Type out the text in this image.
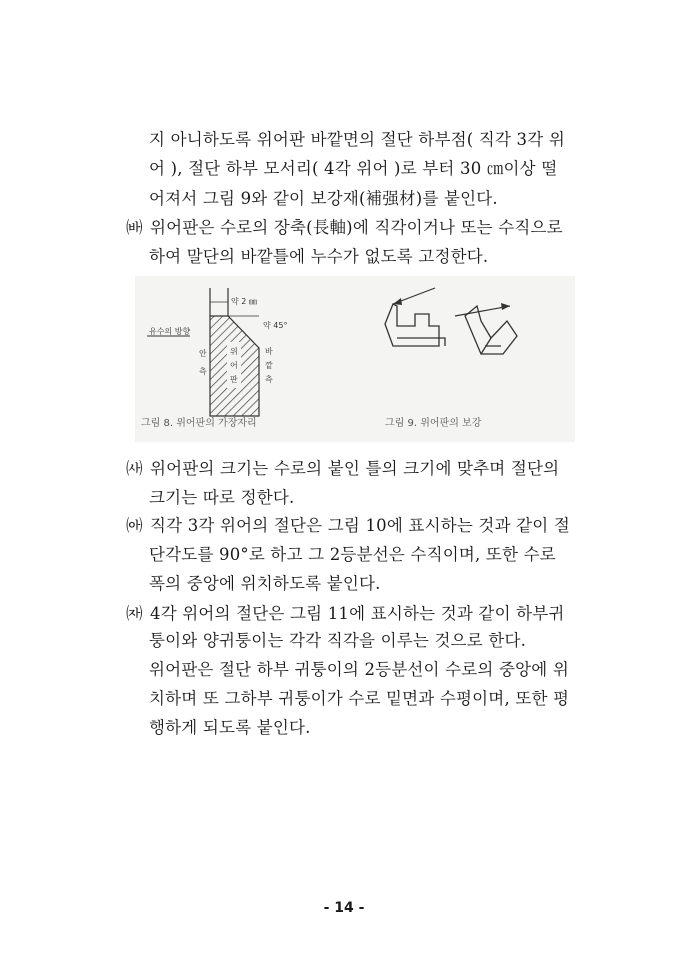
지 아니하도록 위어판 바깥면의 절단 하부점( 직각 3각 위
어 ), 절단 하부 모서리( 4각 위어 )로 부터 30 ㎝이상 떨
어져서 그림 9와 같이 보강재(補强材)를 붙인다.
㈓ 위어판은 수로의 장축(長軸)에 직각이거나 또는 수직으로
하여 말단의 바깥틀에 누수가 없도록 고정한다.
유수의 방향
약 2 ㎜
약 45°
안
측
위
어
판
바
깥
측
그림 8. 위어판의 가장자리	그림 9. 위어판의 보강
㈔ 위어판의 크기는 수로의 붙인 틀의 크기에 맞추며 절단의
크기는 따로 정한다.
㈕ 직각 3각 위어의 절단은 그림 10에 표시하는 것과 같이 절
단각도를 90°로 하고 그 2등분선은 수직이며, 또한 수로
폭의 중앙에 위치하도록 붙인다.
㈖ 4각 위어의 절단은 그림 11에 표시하는 것과 같이 하부귀
퉁이와 양귀퉁이는 각각 직각을 이루는 것으로 한다.
위어판은 절단 하부 귀퉁이의 2등분선이 수로의 중앙에 위
치하며 또 그하부 귀퉁이가 수로 밑면과 수평이며, 또한 평
행하게 되도록 붙인다.
- 14 -
